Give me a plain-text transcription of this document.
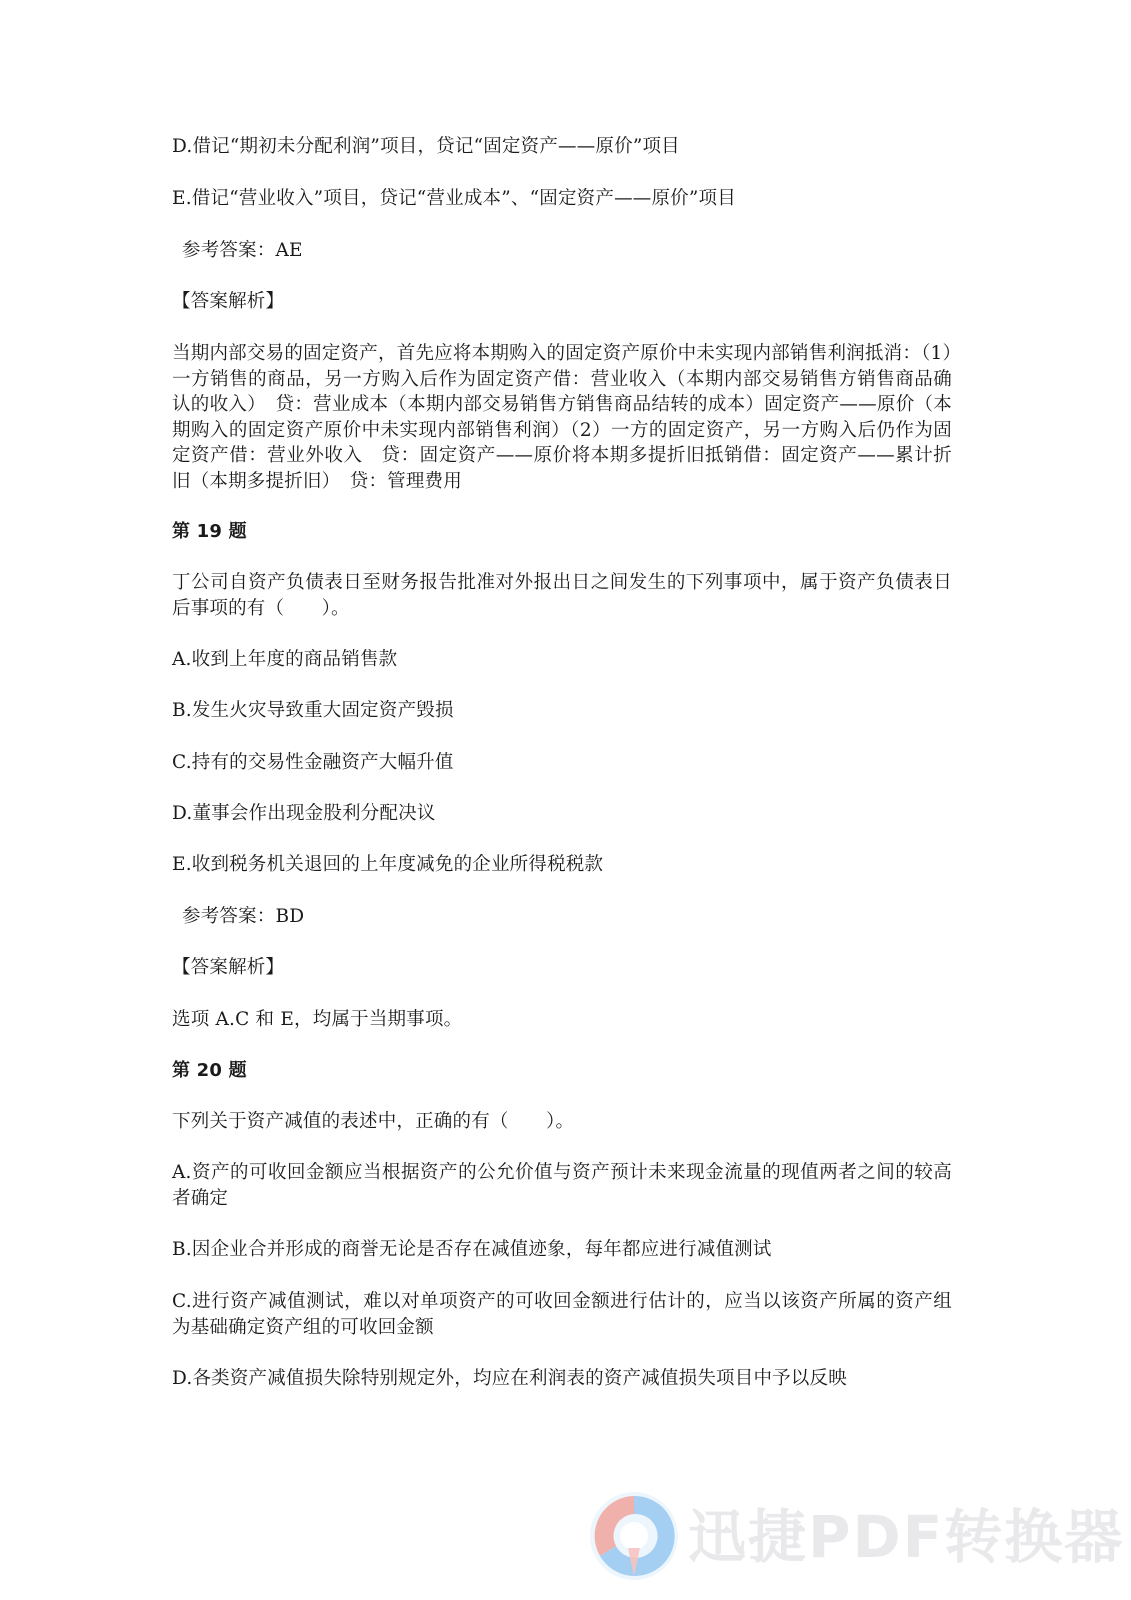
D.借记“期初未分配利润”项目，贷记“固定资产——原价”项目
E.借记“营业收入”项目，贷记“营业成本”、“固定资产——原价”项目
参考答案：AE
【答案解析】
当期内部交易的固定资产，首先应将本期购入的固定资产原价中未实现内部销售利润抵消：（1）一方销售的商品，另一方购入后作为固定资产借：营业收入（本期内部交易销售方销售商品确认的收入）　贷：营业成本（本期内部交易销售方销售商品结转的成本）固定资产——原价（本期购入的固定资产原价中未实现内部销售利润）（2）一方的固定资产，另一方购入后仍作为固定资产借：营业外收入　贷：固定资产——原价将本期多提折旧抵销借：固定资产——累计折旧（本期多提折旧）　贷：管理费用
第 19 题
丁公司自资产负债表日至财务报告批准对外报出日之间发生的下列事项中，属于资产负债表日后事项的有（　　）。
A.收到上年度的商品销售款
B.发生火灾导致重大固定资产毁损
C.持有的交易性金融资产大幅升值
D.董事会作出现金股利分配决议
E.收到税务机关退回的上年度减免的企业所得税税款
参考答案：BD
【答案解析】
选项 A.C 和 E，均属于当期事项。
第 20 题
下列关于资产减值的表述中，正确的有（　　）。
A.资产的可收回金额应当根据资产的公允价值与资产预计未来现金流量的现值两者之间的较高者确定
B.因企业合并形成的商誉无论是否存在减值迹象，每年都应进行减值测试
C.进行资产减值测试，难以对单项资产的可收回金额进行估计的，应当以该资产所属的资产组为基础确定资产组的可收回金额
D.各类资产减值损失除特别规定外，均应在利润表的资产减值损失项目中予以反映
迅捷PDF转换器
